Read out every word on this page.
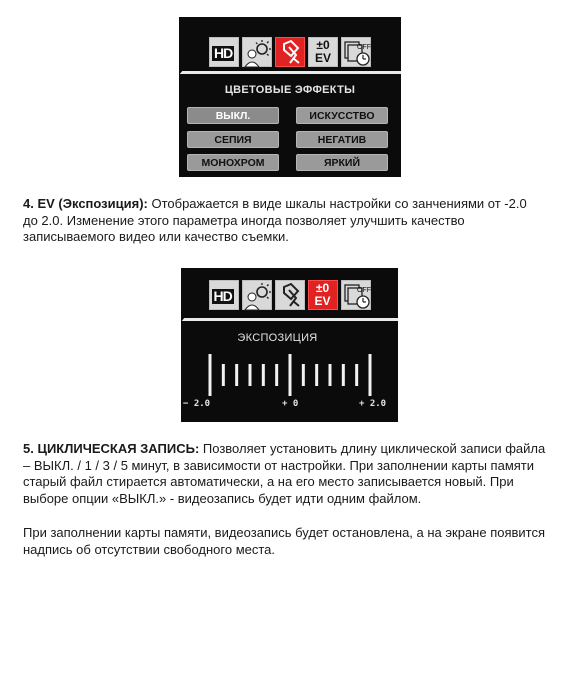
HD	±0
EV
OFF
ЦВЕТОВЫЕ ЭФФЕКТЫ
ВЫКЛ.	ИСКУССТВО
СЕПИЯ	НЕГАТИВ
МОНОХРОМ	ЯРКИЙ

4. EV (Экспозиция): Отображается в виде шкалы настройки со занчениями от -2.0 до 2.0. Изменение этого параметра иногда позволяет улучшить качество записываемого видео или качество съемки.

HD	±0
EV
OFF
ЭКСПОЗИЦИЯ
− 2.0	+ 0	+ 2.0

5. ЦИКЛИЧЕСКАЯ ЗАПИСЬ: Позволяет установить длину циклической записи файла – ВЫКЛ. / 1 / 3 / 5 минут, в зависимости от настройки. При заполнении карты памяти старый файл стирается автоматически, а на его место записывается новый. При выборе опции «ВЫКЛ.» - видеозапись будет идти одним файлом.

При заполнении карты памяти, видеозапись будет остановлена, а на экране появится надпись об отсутствии свободного места.
